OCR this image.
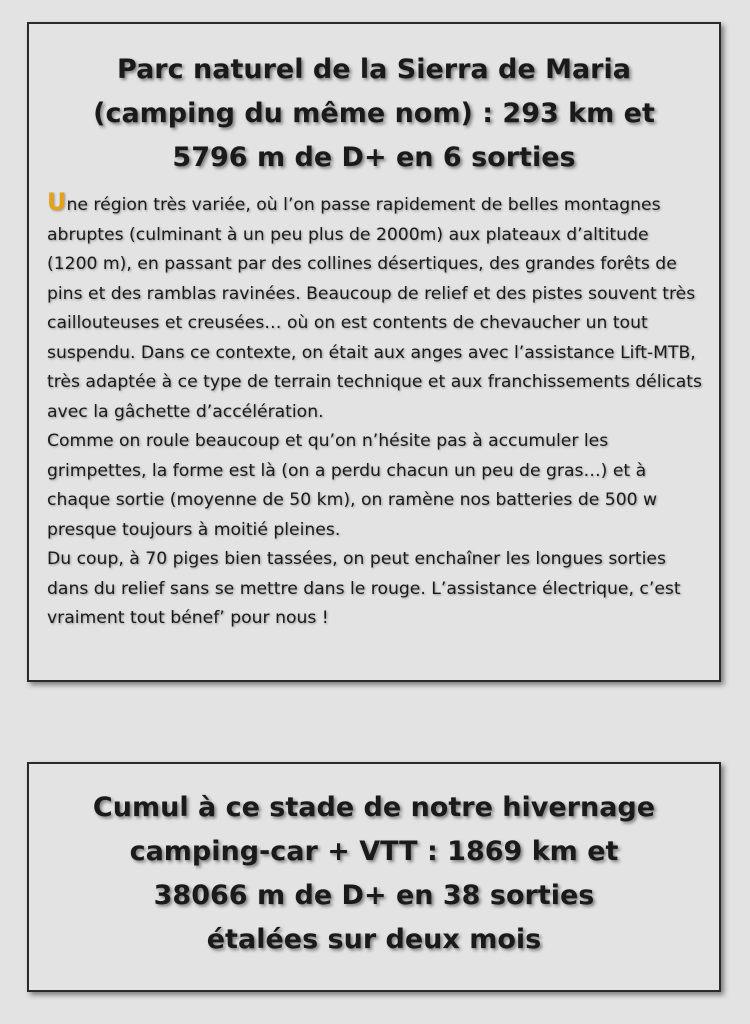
Parc naturel de la Sierra de Maria
(camping du même nom) : 293 km et
5796 m de D+ en 6 sorties
Une région très variée, où l’on passe rapidement de belles montagnes abruptes (culminant à un peu plus de 2000m) aux plateaux d’altitude (1200 m), en passant par des collines désertiques, des grandes forêts de pins et des ramblas ravinées. Beaucoup de relief et des pistes souvent très caillouteuses et creusées… où on est contents de chevaucher un tout suspendu. Dans ce contexte, on était aux anges avec l’assistance Lift-MTB, très adaptée à ce type de terrain technique et aux franchissements délicats avec la gâchette d’accélération.
Comme on roule beaucoup et qu’on n’hésite pas à accumuler les grimpettes, la forme est là (on a perdu chacun un peu de gras…) et à chaque sortie (moyenne de 50 km), on ramène nos batteries de 500 w presque toujours à moitié pleines.
Du coup, à 70 piges bien tassées, on peut enchaîner les longues sorties dans du relief sans se mettre dans le rouge. L’assistance électrique, c’est vraiment tout bénef’ pour nous !
Cumul à ce stade de notre hivernage
camping-car + VTT : 1869 km et
38066 m de D+ en 38 sorties
étalées sur deux mois
